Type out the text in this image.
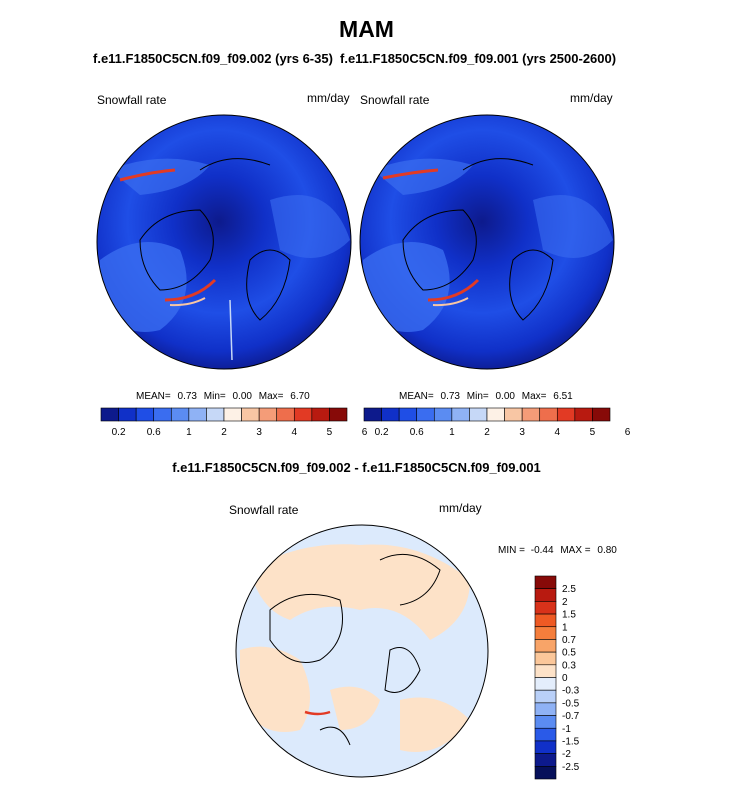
MAM
f.e11.F1850C5CN.f09_f09.002 (yrs 6-35) f.e11.F1850C5CN.f09_f09.001 (yrs 2500-2600)
Snowfall rate	mm/day Snowfall rate	mm/day
MEAN= 0.73 Min= 0.00 Max= 6.70	MEAN= 0.73 Min= 0.00 Max= 6.51
f.e11.F1850C5CN.f09_f09.002 - f.e11.F1850C5CN.f09_f09.001
Snowfall rate	mm/day
MIN = -0.44 MAX = 0.80
0.2 0.6	1	2	3	4	5	6 0.2 0.6	1	2	3	4	5	6
2.5
2
1.5
1
0.7
0.5
0.3
0
-0.3
-0.5
-0.7
-1
-1.5
-2
-2.5
